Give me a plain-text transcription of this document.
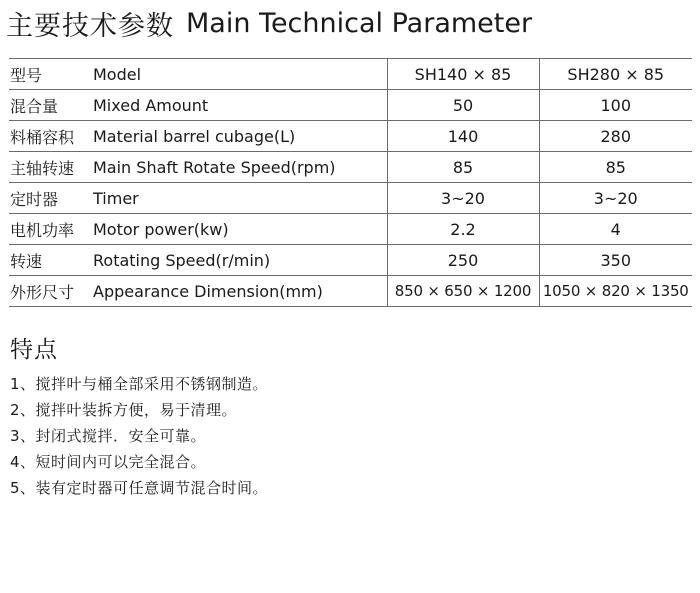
主要技术参数 Main Technical Parameter
型号	Model	SH140 × 85	SH280 × 85
混合量	Mixed Amount	50	100
料桶容积	Material barrel cubage(L)	140	280
主轴转速	Main Shaft Rotate Speed(rpm)	85	85
定时器	Timer	3~20	3~20
电机功率	Motor power(kw)	2.2	4
转速	Rotating Speed(r/min)	250	350
外形尺寸	Appearance Dimension(mm)	850 × 650 × 1200	1050 × 820 × 1350
特点
1、搅拌叶与桶全部采用不锈钢制造。
2、搅拌叶装拆方便，易于清理。
3、封闭式搅拌．安全可靠。
4、短时间内可以完全混合。
5、装有定时器可任意调节混合时间。
